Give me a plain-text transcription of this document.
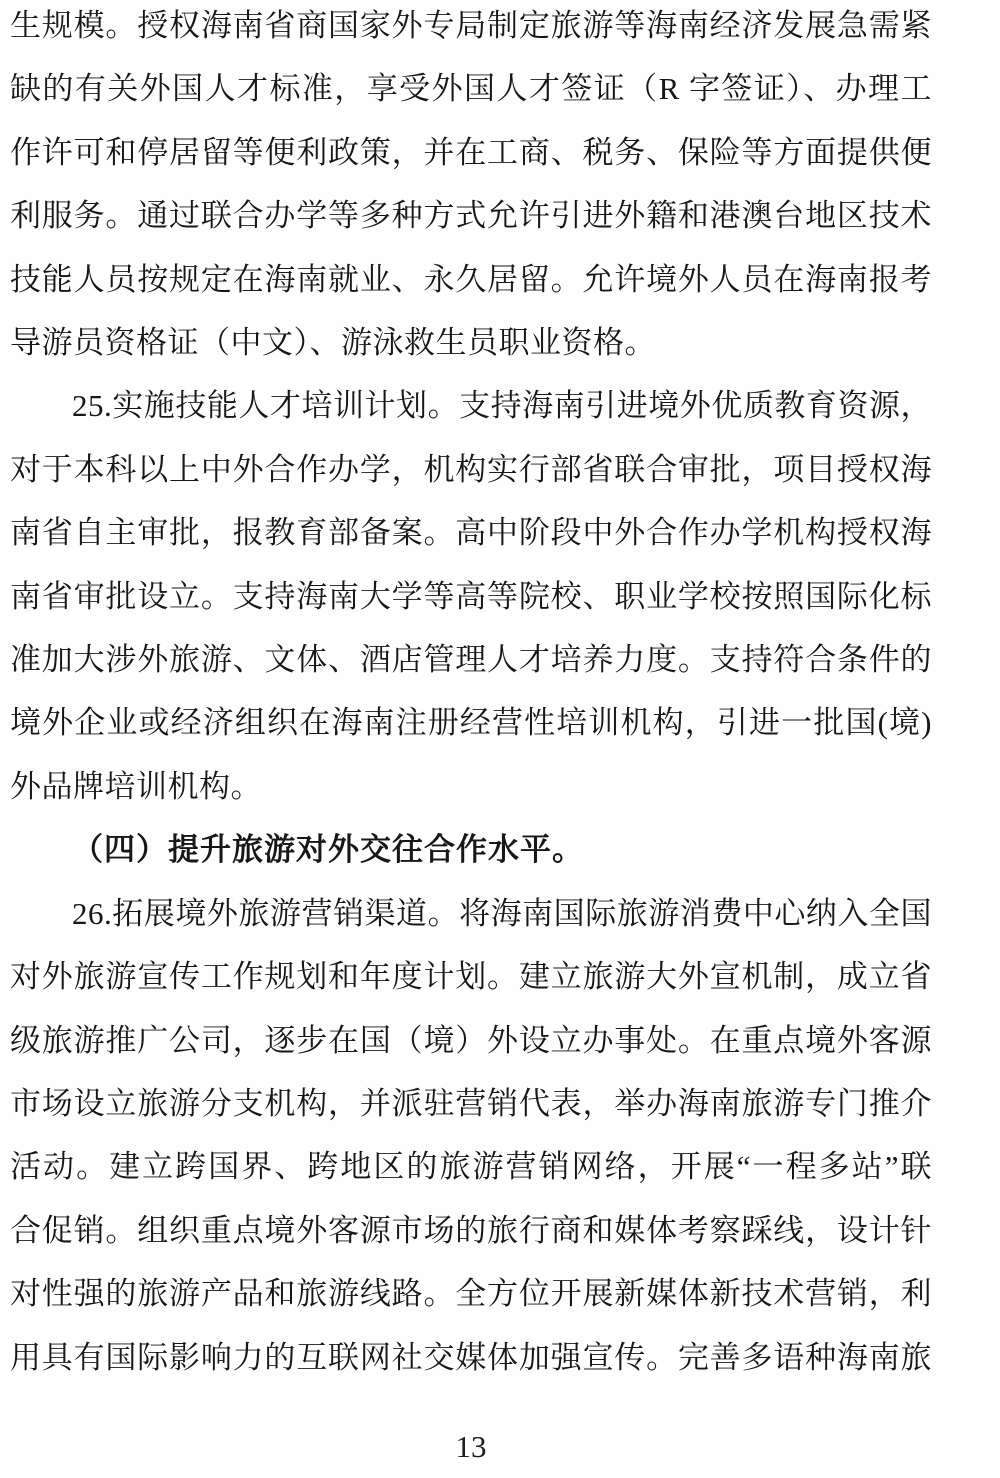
生规模。授权海南省商国家外专局制定旅游等海南经济发展急需紧
缺的有关外国人才标准，享受外国人才签证（R 字签证）、办理工
作许可和停居留等便利政策，并在工商、税务、保险等方面提供便
利服务。通过联合办学等多种方式允许引进外籍和港澳台地区技术
技能人员按规定在海南就业、永久居留。允许境外人员在海南报考
导游员资格证（中文）、游泳救生员职业资格。
25.实施技能人才培训计划。支持海南引进境外优质教育资源，
对于本科以上中外合作办学，机构实行部省联合审批，项目授权海
南省自主审批，报教育部备案。高中阶段中外合作办学机构授权海
南省审批设立。支持海南大学等高等院校、职业学校按照国际化标
准加大涉外旅游、文体、酒店管理人才培养力度。支持符合条件的
境外企业或经济组织在海南注册经营性培训机构，引进一批国(境)
外品牌培训机构。
（四）提升旅游对外交往合作水平。
26.拓展境外旅游营销渠道。将海南国际旅游消费中心纳入全国
对外旅游宣传工作规划和年度计划。建立旅游大外宣机制，成立省
级旅游推广公司，逐步在国（境）外设立办事处。在重点境外客源
市场设立旅游分支机构，并派驻营销代表，举办海南旅游专门推介
活动。建立跨国界、跨地区的旅游营销网络，开展“一程多站”联
合促销。组织重点境外客源市场的旅行商和媒体考察踩线，设计针
对性强的旅游产品和旅游线路。全方位开展新媒体新技术营销，利
用具有国际影响力的互联网社交媒体加强宣传。完善多语种海南旅
13
